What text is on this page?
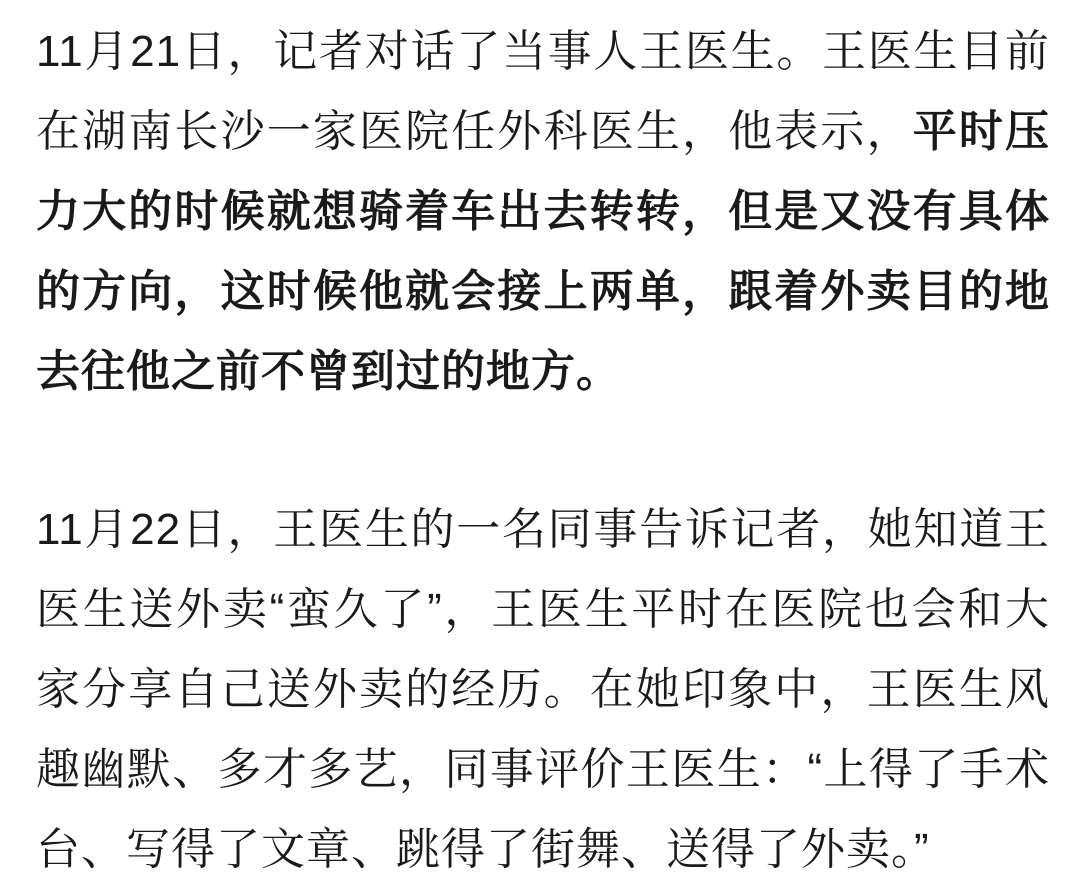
11月21日，记者对话了当事人王医生。王医生目前在湖南长沙一家医院任外科医生，他表示，平时压力大的时候就想骑着车出去转转，但是又没有具体的方向，这时候他就会接上两单，跟着外卖目的地去往他之前不曾到过的地方。

11月22日，王医生的一名同事告诉记者，她知道王医生送外卖“蛮久了”，王医生平时在医院也会和大家分享自己送外卖的经历。在她印象中，王医生风趣幽默、多才多艺，同事评价王医生：“上得了手术台、写得了文章、跳得了街舞、送得了外卖。”
